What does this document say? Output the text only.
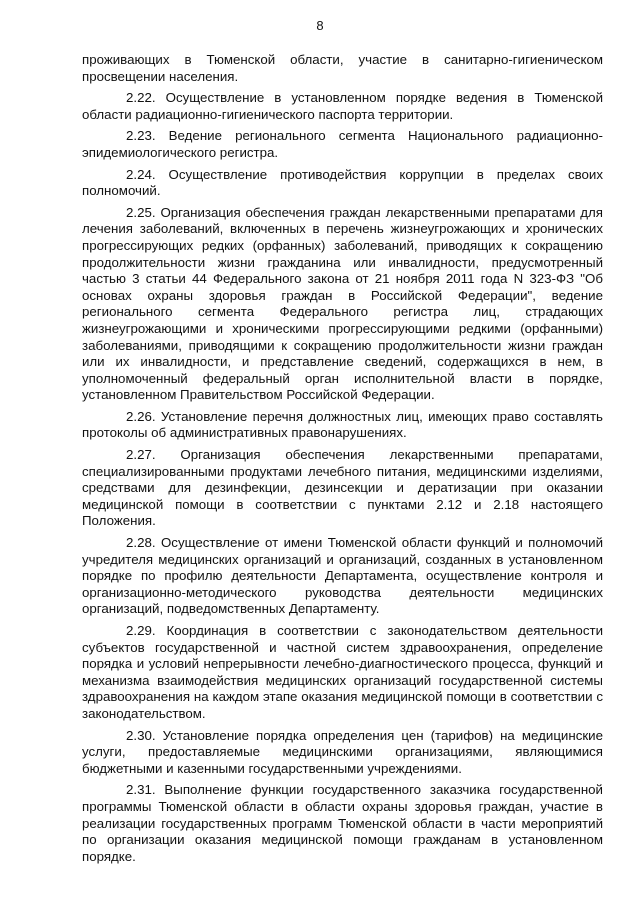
8

проживающих в Тюменской области, участие в санитарно-гигиеническом просвещении населения.

2.22. Осуществление в установленном порядке ведения в Тюменской области радиационно-гигиенического паспорта территории.

2.23. Ведение регионального сегмента Национального радиационно-эпидемиологического регистра.

2.24. Осуществление противодействия коррупции в пределах своих полномочий.

2.25. Организация обеспечения граждан лекарственными препаратами для лечения заболеваний, включенных в перечень жизнеугрожающих и хронических прогрессирующих редких (орфанных) заболеваний, приводящих к сокращению продолжительности жизни гражданина или инвалидности, предусмотренный частью 3 статьи 44 Федерального закона от 21 ноября 2011 года N 323-ФЗ "Об основах охраны здоровья граждан в Российской Федерации", ведение регионального сегмента Федерального регистра лиц, страдающих жизнеугрожающими и хроническими прогрессирующими редкими (орфанными) заболеваниями, приводящими к сокращению продолжительности жизни граждан или их инвалидности, и представление сведений, содержащихся в нем, в уполномоченный федеральный орган исполнительной власти в порядке, установленном Правительством Российской Федерации.

2.26. Установление перечня должностных лиц, имеющих право составлять протоколы об административных правонарушениях.

2.27. Организация обеспечения лекарственными препаратами, специализированными продуктами лечебного питания, медицинскими изделиями, средствами для дезинфекции, дезинсекции и дератизации при оказании медицинской помощи в соответствии с пунктами 2.12 и 2.18 настоящего Положения.

2.28. Осуществление от имени Тюменской области функций и полномочий учредителя медицинских организаций и организаций, созданных в установленном порядке по профилю деятельности Департамента, осуществление контроля и организационно-методического руководства деятельности медицинских организаций, подведомственных Департаменту.

2.29. Координация в соответствии с законодательством деятельности субъектов государственной и частной систем здравоохранения, определение порядка и условий непрерывности лечебно-диагностического процесса, функций и механизма взаимодействия медицинских организаций государственной системы здравоохранения на каждом этапе оказания медицинской помощи в соответствии с законодательством.

2.30. Установление порядка определения цен (тарифов) на медицинские услуги, предоставляемые медицинскими организациями, являющимися бюджетными и казенными государственными учреждениями.

2.31. Выполнение функции государственного заказчика государственной программы Тюменской области в области охраны здоровья граждан, участие в реализации государственных программ Тюменской области в части мероприятий по организации оказания медицинской помощи гражданам в установленном порядке.
